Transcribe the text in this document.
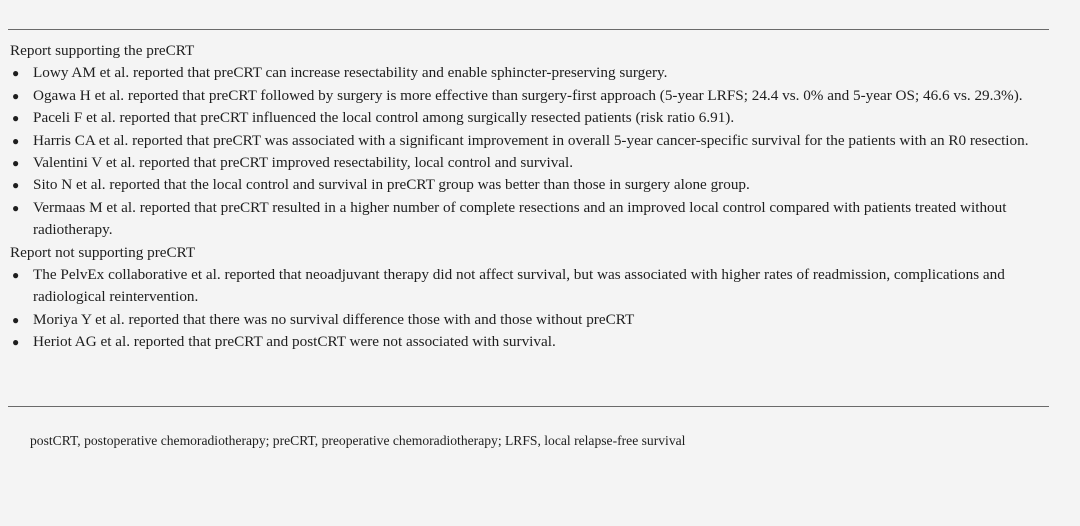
Report supporting the preCRT

● Lowy AM et al. reported that preCRT can increase resectability and enable sphincter-preserving surgery.
● Ogawa H et al. reported that preCRT followed by surgery is more effective than surgery-first approach (5-year LRFS; 24.4 vs. 0% and 5-year OS; 46.6 vs. 29.3%).
● Paceli F et al. reported that preCRT influenced the local control among surgically resected patients (risk ratio 6.91).
● Harris CA et al. reported that preCRT was associated with a significant improvement in overall 5-year cancer-specific survival for the patients with an R0 resection.
● Valentini V et al. reported that preCRT improved resectability, local control and survival.
● Sito N et al. reported that the local control and survival in preCRT group was better than those in surgery alone group.
● Vermaas M et al. reported that preCRT resulted in a higher number of complete resections and an improved local control compared with patients treated without radiotherapy.

Report not supporting preCRT

● The PelvEx collaborative et al. reported that neoadjuvant therapy did not affect survival, but was associated with higher rates of readmission, complications and radiological reintervention.
● Moriya Y et al. reported that there was no survival difference those with and those without preCRT
● Heriot AG et al. reported that preCRT and postCRT were not associated with survival.

postCRT, postoperative chemoradiotherapy; preCRT, preoperative chemoradiotherapy; LRFS, local relapse-free survival
